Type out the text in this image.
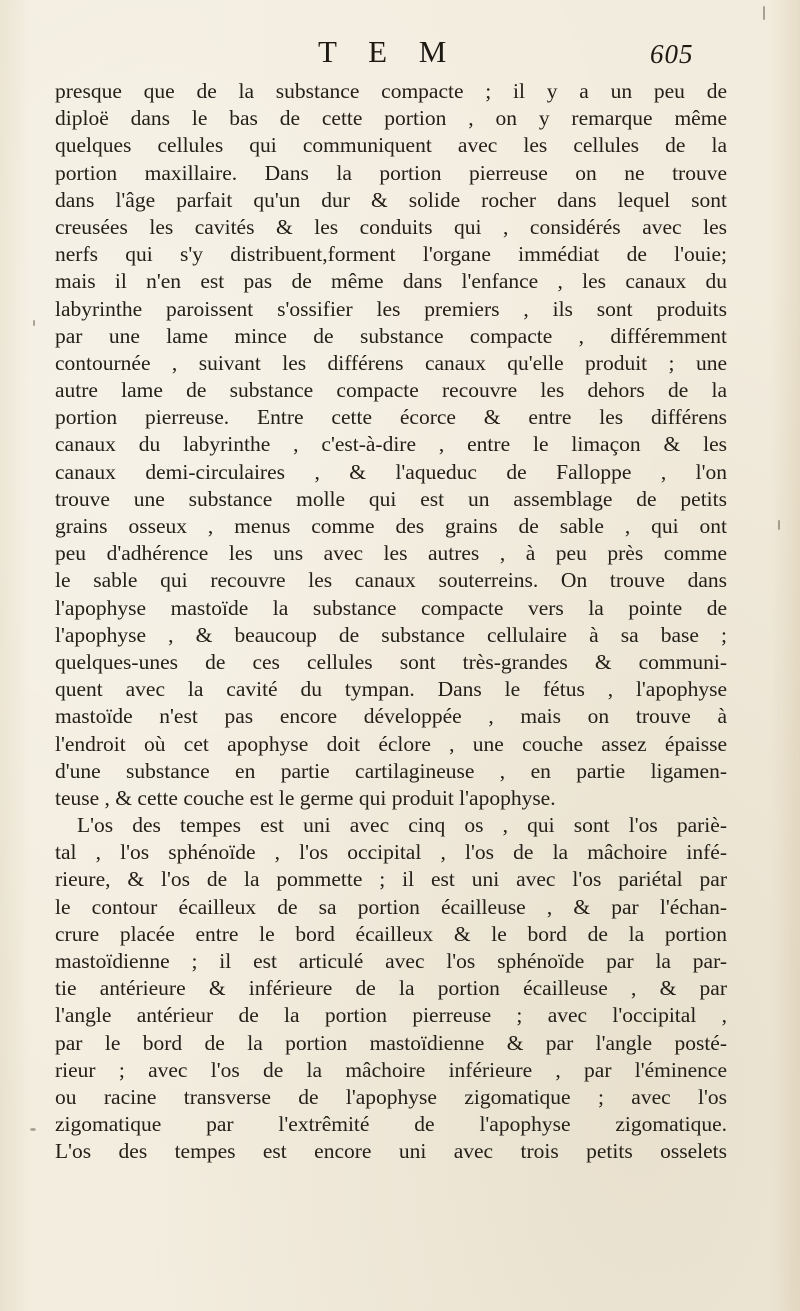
T E M	605
presque que de la substance compacte ; il y a un peu de
diploë dans le bas de cette portion , on y remarque même
quelques cellules qui communiquent avec les cellules de la
portion maxillaire. Dans la portion pierreuse on ne trouve
dans l'âge parfait qu'un dur & solide rocher dans lequel sont
creusées les cavités & les conduits qui , considérés avec les
nerfs qui s'y distribuent,forment l'organe immédiat de l'ouie;
mais il n'en est pas de même dans l'enfance , les canaux du
labyrinthe paroissent s'ossifier les premiers , ils sont produits
par une lame mince de substance compacte , différemment
contournée , suivant les différens canaux qu'elle produit ; une
autre lame de substance compacte recouvre les dehors de la
portion pierreuse. Entre cette écorce & entre les différens
canaux du labyrinthe , c'est-à-dire , entre le limaçon & les
canaux demi-circulaires , & l'aqueduc de Falloppe , l'on
trouve une substance molle qui est un assemblage de petits
grains osseux , menus comme des grains de sable , qui ont
peu d'adhérence les uns avec les autres , à peu près comme
le sable qui recouvre les canaux souterreins. On trouve dans
l'apophyse mastoïde la substance compacte vers la pointe de
l'apophyse , & beaucoup de substance cellulaire à sa base ;
quelques-unes de ces cellules sont très-grandes & communi-
quent avec la cavité du tympan. Dans le fétus , l'apophyse
mastoïde n'est pas encore développée , mais on trouve à
l'endroit où cet apophyse doit éclore , une couche assez épaisse
d'une substance en partie cartilagineuse , en partie ligamen-
teuse , & cette couche est le germe qui produit l'apophyse.
L'os des tempes est uni avec cinq os , qui sont l'os pariè-
tal , l'os sphénoïde , l'os occipital , l'os de la mâchoire infé-
rieure, & l'os de la pommette ; il est uni avec l'os pariétal par
le contour écailleux de sa portion écailleuse , & par l'échan-
crure placée entre le bord écailleux & le bord de la portion
mastoïdienne ; il est articulé avec l'os sphénoïde par la par-
tie antérieure & inférieure de la portion écailleuse , & par
l'angle antérieur de la portion pierreuse ; avec l'occipital ,
par le bord de la portion mastoïdienne & par l'angle posté-
rieur ; avec l'os de la mâchoire inférieure , par l'éminence
ou racine transverse de l'apophyse zigomatique ; avec l'os
zigomatique par l'extrêmité de l'apophyse zigomatique.
L'os des tempes est encore uni avec trois petits osselets
